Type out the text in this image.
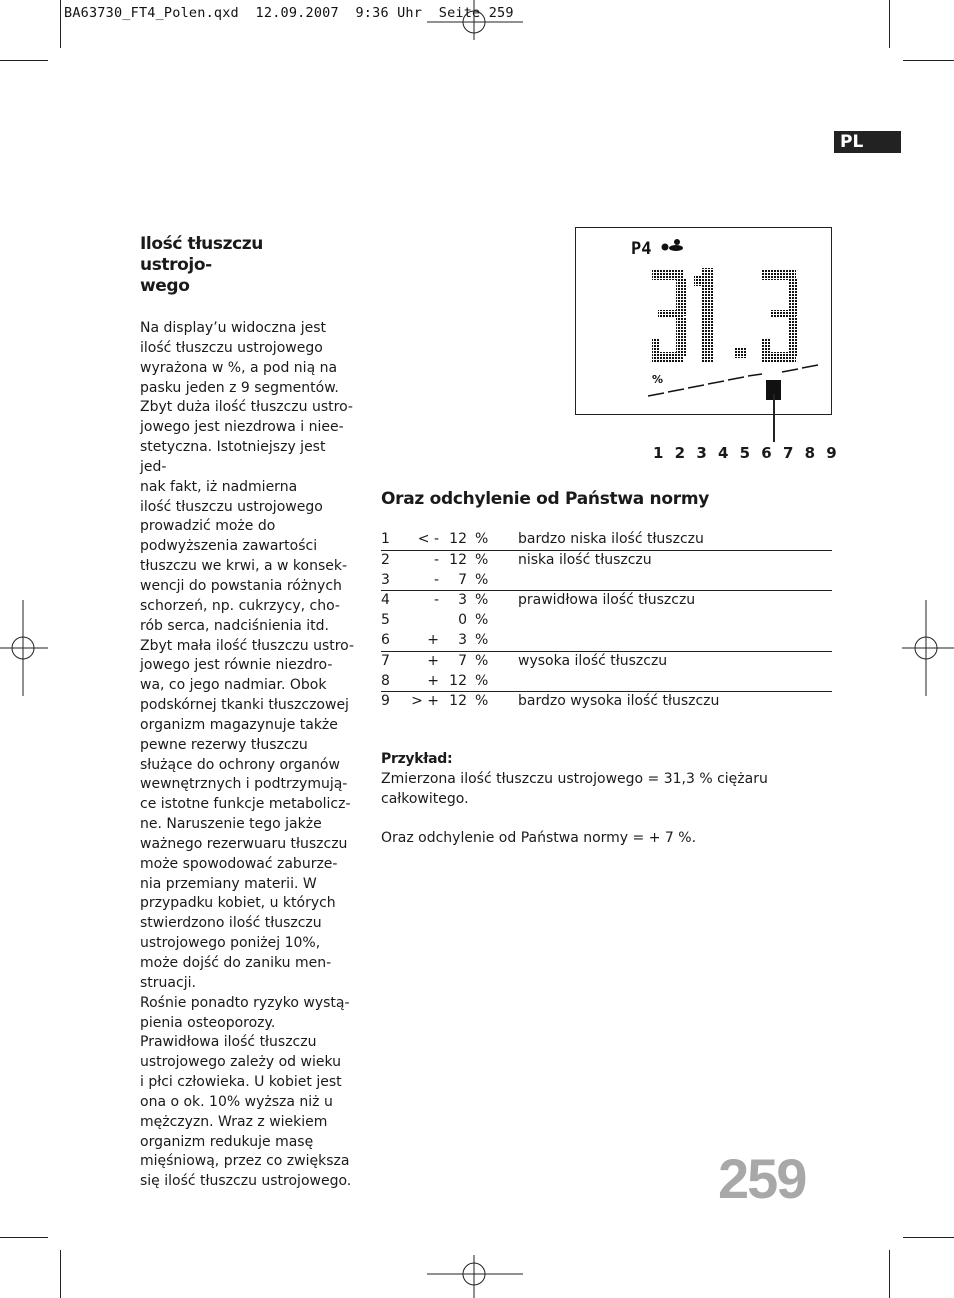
BA63730_FT4_Polen.qxd  12.09.2007  9:36 Uhr  Seite 259
PL
Ilość tłuszczu ustrojo-
wego

Na display’u widoczna jest
ilość tłuszczu ustrojowego
wyrażona w %, a pod nią na
pasku jeden z 9 segmentów.
Zbyt duża ilość tłuszczu ustro-
jowego jest niezdrowa i niee-
stetyczna. Istotniejszy jest jed-
nak fakt, iż nadmierna
ilość tłuszczu ustrojowego
prowadzić może do
podwyższenia zawartości
tłuszczu we krwi, a w konsek-
wencji do powstania różnych
schorzeń, np. cukrzycy, cho-
rób serca, nadciśnienia itd.
Zbyt mała ilość tłuszczu ustro-
jowego jest równie niezdro-
wa, co jego nadmiar. Obok
podskórnej tkanki tłuszczowej
organizm magazynuje także
pewne rezerwy tłuszczu
służące do ochrony organów
wewnętrznych i podtrzymują-
ce istotne funkcje metabolicz-
ne. Naruszenie tego jakże
ważnego rezerwuaru tłuszczu
może spowodować zaburze-
nia przemiany materii. W
przypadku kobiet, u których
stwierdzono ilość tłuszczu
ustrojowego poniżej 10%,
może dojść do zaniku men-
struacji.
Rośnie ponadto ryzyko wystą-
pienia osteoporozy.
Prawidłowa ilość tłuszczu
ustrojowego zależy od wieku
i płci człowieka. U kobiet jest
ona o ok. 10% wyższa niż u
mężczyzn. Wraz z wiekiem
organizm redukuje masę
mięśniową, przez co zwiększa
się ilość tłuszczu ustrojowego.

P4
%
1 2 3 4 5 6 7 8 9
Oraz odchylenie od Państwa normy
1	< -	12	%	bardzo niska ilość tłuszczu
2	-	12	%	niska ilość tłuszczu
3	-	7	%	
4	-	3	%	prawidłowa ilość tłuszczu
5		0	%	
6	+	3	%	
7	+	7	%	wysoka ilość tłuszczu
8	+	12	%	
9	> +	12	%	bardzo wysoka ilość tłuszczu
Przykład:
Zmierzona ilość tłuszczu ustrojowego = 31,3 % ciężaru
całkowitego.
Oraz odchylenie od Państwa normy = + 7 %.
259
